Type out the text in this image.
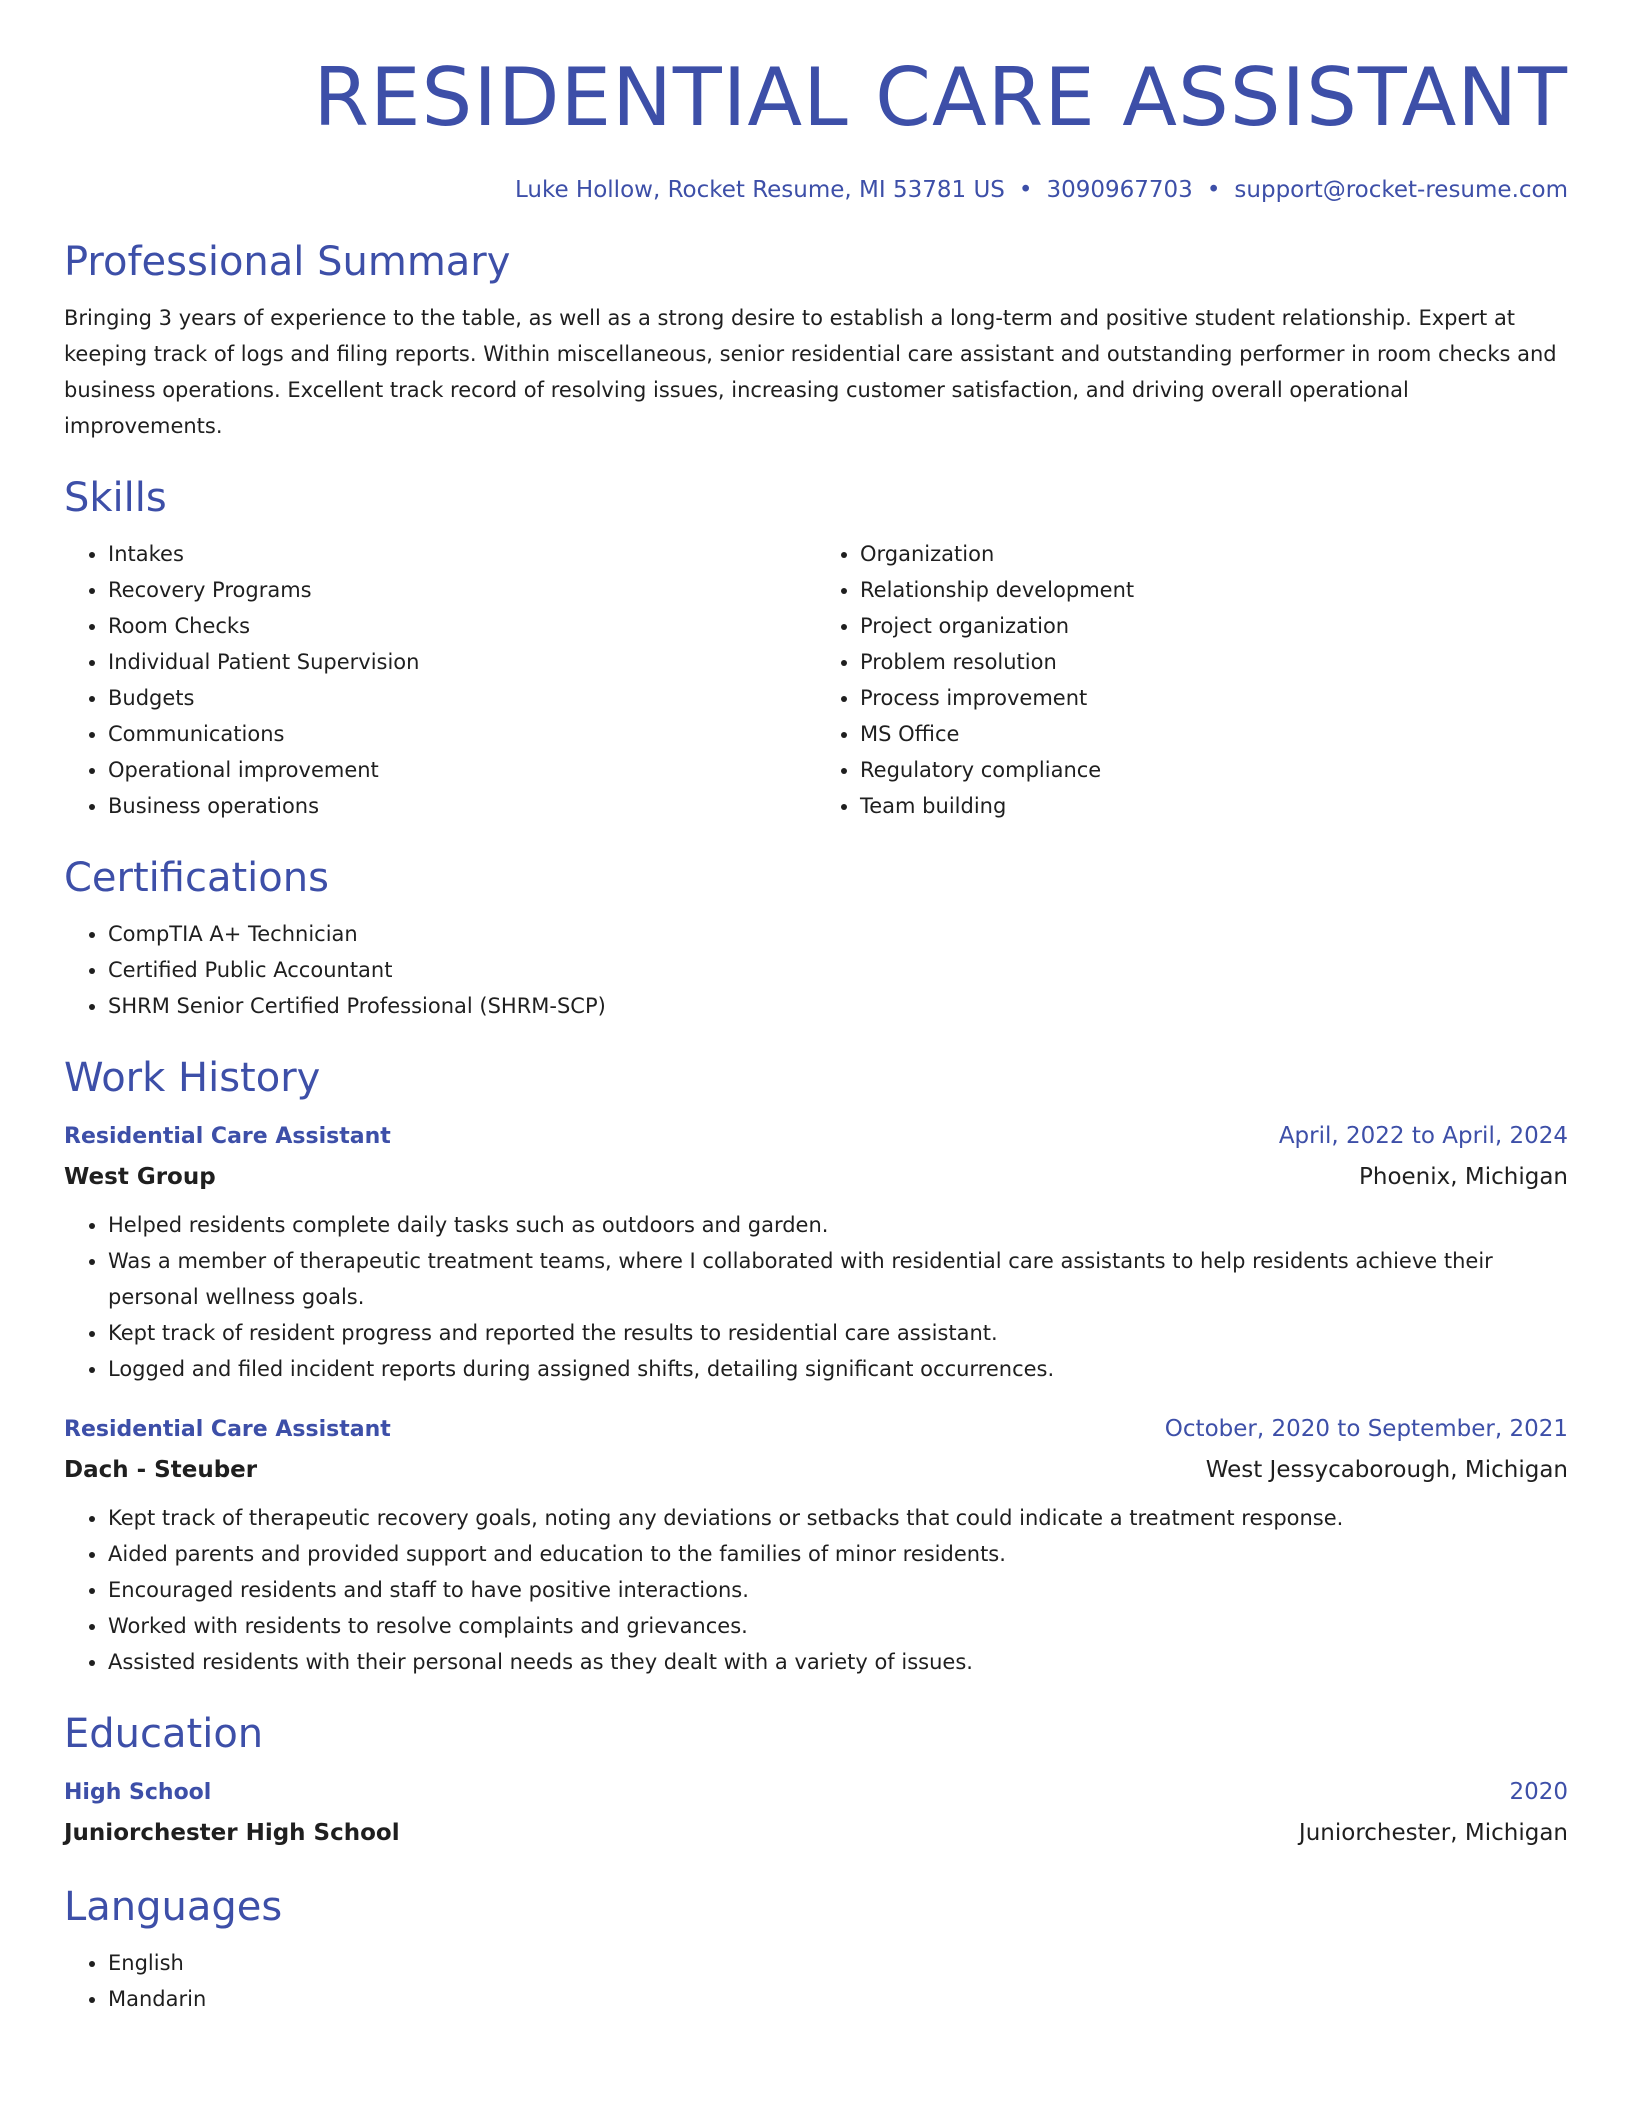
RESIDENTIAL CARE ASSISTANT
Luke Hollow, Rocket Resume, MI 53781 US • 3090967703 • support@rocket-resume.com
Professional Summary

Bringing 3 years of experience to the table, as well as a strong desire to establish a long-term and positive student relationship. Expert at keeping track of logs and filing reports. Within miscellaneous, senior residential care assistant and outstanding performer in room checks and business operations. Excellent track record of resolving issues, increasing customer satisfaction, and driving overall operational improvements.

Skills
• Intakes
• Recovery Programs
• Room Checks
• Individual Patient Supervision
• Budgets
• Communications
• Operational improvement
• Business operations
• Organization
• Relationship development
• Project organization
• Problem resolution
• Process improvement
• MS Office
• Regulatory compliance
• Team building
Certifications
• CompTIA A+ Technician
• Certified Public Accountant
• SHRM Senior Certified Professional (SHRM-SCP)
Work History
Residential Care Assistant	April, 2022 to April, 2024
West Group	Phoenix, Michigan
• Helped residents complete daily tasks such as outdoors and garden.
• Was a member of therapeutic treatment teams, where I collaborated with residential care assistants to help residents achieve their personal wellness goals.
• Kept track of resident progress and reported the results to residential care assistant.
• Logged and filed incident reports during assigned shifts, detailing significant occurrences.
Residential Care Assistant	October, 2020 to September, 2021
Dach - Steuber	West Jessycaborough, Michigan
• Kept track of therapeutic recovery goals, noting any deviations or setbacks that could indicate a treatment response.
• Aided parents and provided support and education to the families of minor residents.
• Encouraged residents and staff to have positive interactions.
• Worked with residents to resolve complaints and grievances.
• Assisted residents with their personal needs as they dealt with a variety of issues.
Education
High School	2020
Juniorchester High School	Juniorchester, Michigan
Languages
• English
• Mandarin
